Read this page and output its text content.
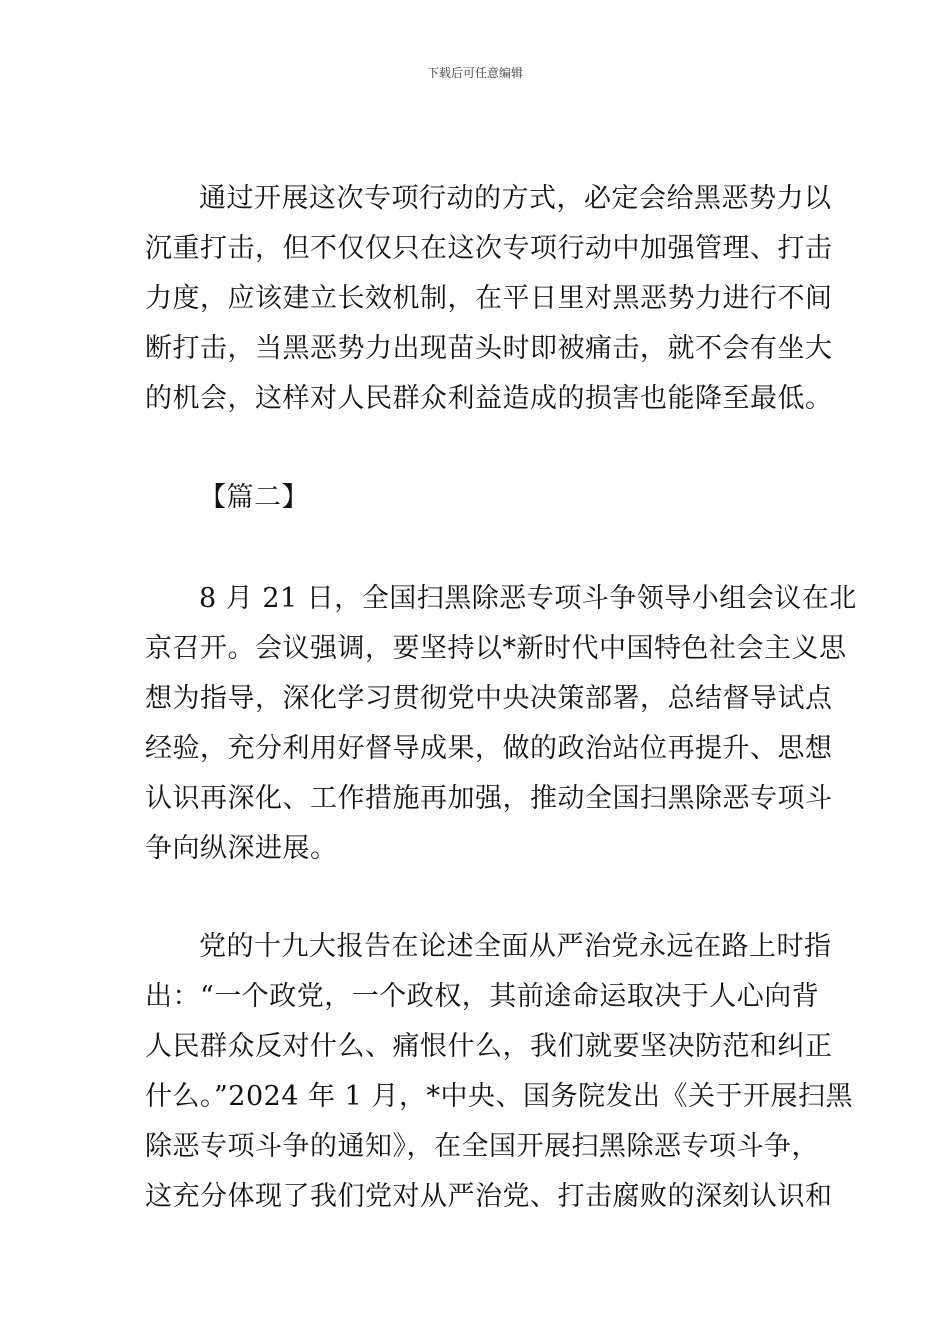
下载后可任意编辑
通过开展这次专项行动的方式，必定会给黑恶势力以
沉重打击，但不仅仅只在这次专项行动中加强管理、打击
力度，应该建立长效机制，在平日里对黑恶势力进行不间
断打击，当黑恶势力出现苗头时即被痛击，就不会有坐大
的机会，这样对人民群众利益造成的损害也能降至最低。
【篇二】
8 月 21 日，全国扫黑除恶专项斗争领导小组会议在北
京召开。会议强调，要坚持以*新时代中国特色社会主义思
想为指导，深化学习贯彻党中央决策部署，总结督导试点
经验，充分利用好督导成果，做的政治站位再提升、思想
认识再深化、工作措施再加强，推动全国扫黑除恶专项斗
争向纵深进展。
党的十九大报告在论述全面从严治党永远在路上时指
出：“一个政党，一个政权，其前途命运取决于人心向背
人民群众反对什么、痛恨什么，我们就要坚决防范和纠正
什么。”2024 年 1 月，*中央、国务院发出《关于开展扫黑
除恶专项斗争的通知》，在全国开展扫黑除恶专项斗争，
这充分体现了我们党对从严治党、打击腐败的深刻认识和
